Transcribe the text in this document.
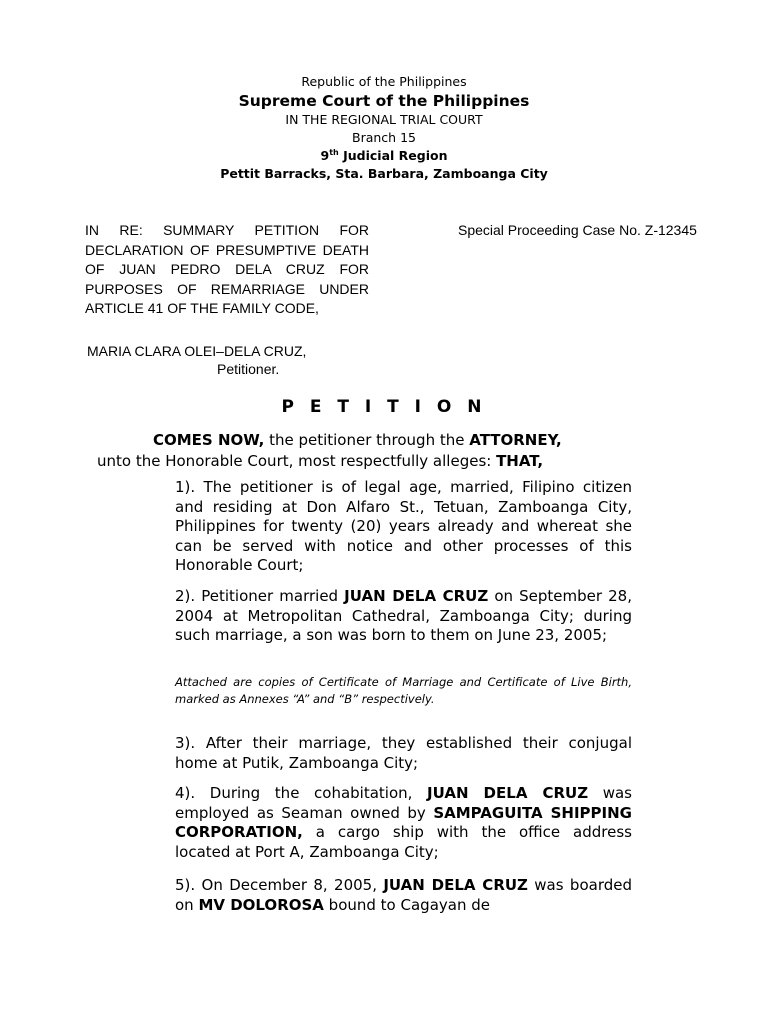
Republic of the Philippines
Supreme Court of the Philippines
IN THE REGIONAL TRIAL COURT
Branch 15
9th Judicial Region
Pettit Barracks, Sta. Barbara, Zamboanga City
IN RE: SUMMARY PETITION FOR
DECLARATION OF PRESUMPTIVE DEATH
OF JUAN PEDRO DELA CRUZ FOR
PURPOSES OF REMARRIAGE UNDER
ARTICLE 41 OF THE FAMILY CODE,
Special Proceeding Case No. Z-12345
MARIA CLARA OLEI–DELA CRUZ,
Petitioner.
P E T I T I O N
COMES NOW, the petitioner through the ATTORNEY,
unto the Honorable Court, most respectfully alleges: THAT,

1). The petitioner is of legal age, married, Filipino citizen and residing at Don Alfaro St., Tetuan, Zamboanga City, Philippines for twenty (20) years already and whereat she can be served with notice and other processes of this Honorable Court;

2). Petitioner married JUAN DELA CRUZ on September 28, 2004 at Metropolitan Cathedral, Zamboanga City; during such marriage, a son was born to them on June 23, 2005;

Attached are copies of Certificate of Marriage and Certificate of Live Birth, marked as Annexes “A” and “B” respectively.

3). After their marriage, they established their conjugal home at Putik, Zamboanga City;

4). During the cohabitation, JUAN DELA CRUZ was employed as Seaman owned by SAMPAGUITA SHIPPING CORPORATION, a cargo ship with the office address located at Port A, Zamboanga City;

5). On December 8, 2005, JUAN DELA CRUZ was boarded on MV DOLOROSA bound to Cagayan de
